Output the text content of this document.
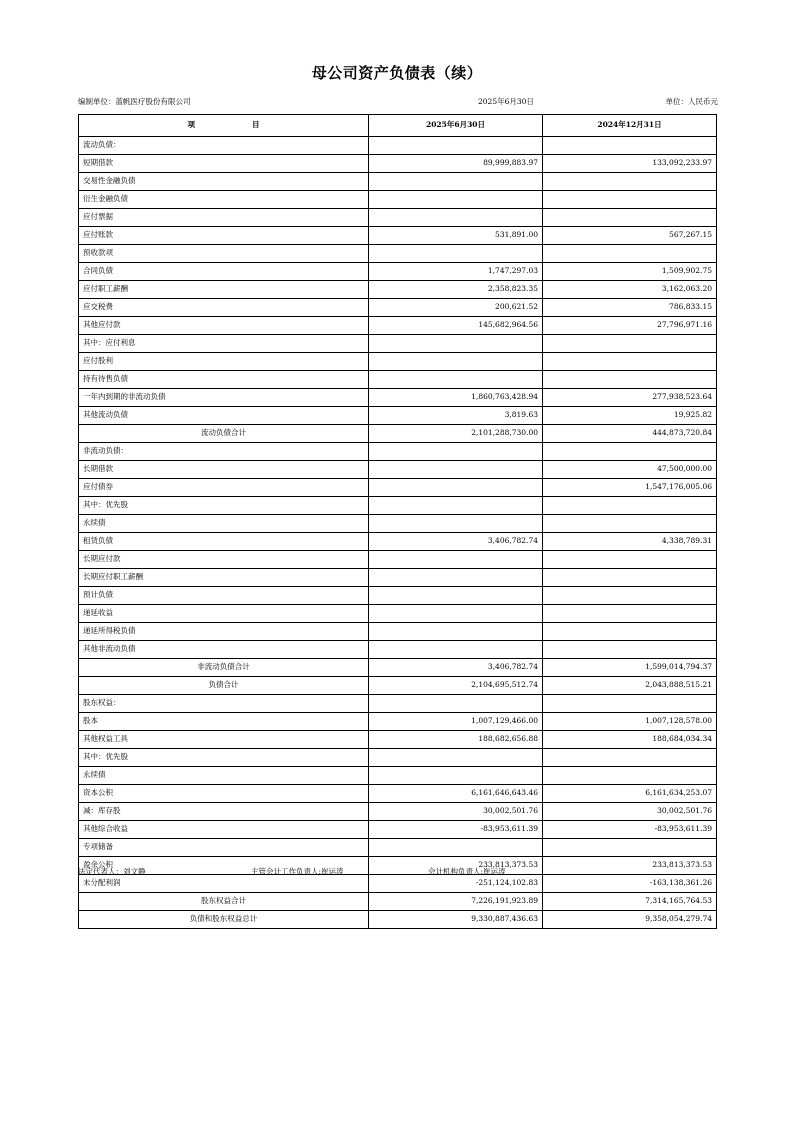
母公司资产负债表（续）
编制单位：蓝帆医疗股份有限公司	2025年6月30日	单位：人民币元
项　　目	2025年6月30日	2024年12月31日
流动负债：		
短期借款	89,999,883.97	133,092,233.97
交易性金融负债		
衍生金融负债		
应付票据		
应付账款	531,891.00	567,267.15
预收款项		
合同负债	1,747,297.03	1,509,902.75
应付职工薪酬	2,358,823.35	3,162,063.20
应交税费	200,621.52	786,833.15
其他应付款	145,682,964.56	27,796,971.16
其中：应付利息		
应付股利		
持有待售负债		
一年内到期的非流动负债	1,860,763,428.94	277,938,523.64
其他流动负债	3,819.63	19,925.82
流动负债合计	2,101,288,730.00	444,873,720.84
非流动负债：		
长期借款		47,500,000.00
应付债券		1,547,176,005.06
其中：优先股		
永续债		
租赁负债	3,406,782.74	4,338,789.31
长期应付款		
长期应付职工薪酬		
预计负债		
递延收益		
递延所得税负债		
其他非流动负债		
非流动负债合计	3,406,782.74	1,599,014,794.37
负债合计	2,104,695,512.74	2,043,888,515.21
股东权益：		
股本	1,007,129,466.00	1,007,128,578.00
其他权益工具	188,682,656.88	188,684,034.34
其中：优先股		
永续债		
资本公积	6,161,646,643.46	6,161,634,253.07
减：库存股	30,002,501.76	30,002,501.76
其他综合收益	-83,953,611.39	-83,953,611.39
专项储备		
盈余公积	233,813,373.53	233,813,373.53
未分配利润	-251,124,102.83	-163,138,361.26
股东权益合计	7,226,191,923.89	7,314,165,764.53
负债和股东权益总计	9,330,887,436.63	9,358,054,279.74
法定代表人：刘文静	主管会计工作负责人:崔运涛	会计机构负责人:崔运涛
